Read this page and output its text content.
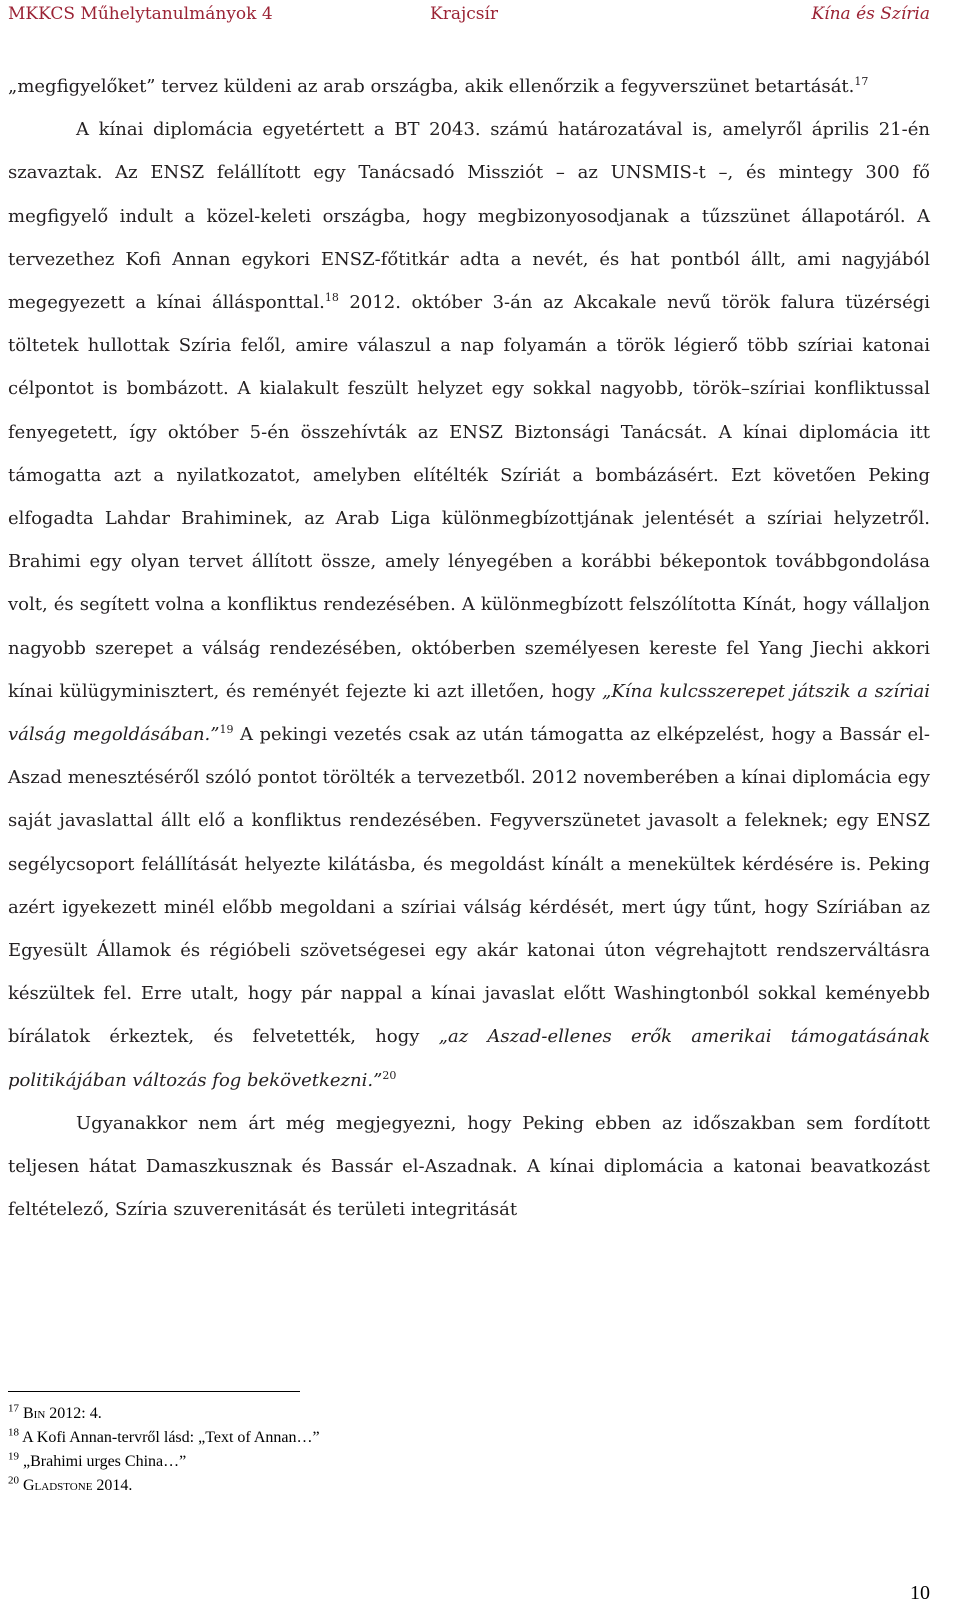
MKKCS Műhelytanulmányok 4	Krajcsír	Kína és Szíria

„megfigyelőket” tervez küldeni az arab országba, akik ellenőrzik a fegyverszünet betartását.$^{17}$

A kínai diplomácia egyetértett a BT 2043. számú határozatával is, amelyről április 21-én szavaztak. Az ENSZ felállított egy Tanácsadó Missziót – az UNSMIS-t –, és mintegy 300 fő megfigyelő indult a közel-keleti országba, hogy megbizonyosodjanak a tűzszünet állapotáról. A tervezethez Kofi Annan egykori ENSZ-főtitkár adta a nevét, és hat pontból állt, ami nagyjából megegyezett a kínai állásponttal.$^{18}$ 2012. október 3-án az Akcakale nevű török falura tüzérségi töltetek hullottak Szíria felől, amire válaszul a nap folyamán a török légierő több szíriai katonai célpontot is bombázott. A kialakult feszült helyzet egy sokkal nagyobb, török–szíriai konfliktussal fenyegetett, így október 5-én összehívták az ENSZ Biztonsági Tanácsát. A kínai diplomácia itt támogatta azt a nyilatkozatot, amelyben elítélték Szíriát a bombázásért. Ezt követően Peking elfogadta Lahdar Brahiminek, az Arab Liga különmegbízottjának jelentését a szíriai helyzetről. Brahimi egy olyan tervet állított össze, amely lényegében a korábbi békepontok továbbgondolása volt, és segített volna a konfliktus rendezésében. A különmegbízott felszólította Kínát, hogy vállaljon nagyobb szerepet a válság rendezésében, októberben személyesen kereste fel Yang Jiechi akkori kínai külügyminisztert, és reményét fejezte ki azt illetően, hogy „Kína kulcsszerepet játszik a szíriai válság megoldásában.”$^{19}$ A pekingi vezetés csak az után támogatta az elképzelést, hogy a Bassár el-Aszad menesztéséről szóló pontot törölték a tervezetből. 2012 novemberében a kínai diplomácia egy saját javaslattal állt elő a konfliktus rendezésében. Fegyverszünetet javasolt a feleknek; egy ENSZ segélycsoport felállítását helyezte kilátásba, és megoldást kínált a menekültek kérdésére is. Peking azért igyekezett minél előbb megoldani a szíriai válság kérdését, mert úgy tűnt, hogy Szíriában az Egyesült Államok és régióbeli szövetségesei egy akár katonai úton végrehajtott rendszerváltásra készültek fel. Erre utalt, hogy pár nappal a kínai javaslat előtt Washingtonból sokkal keményebb bírálatok érkeztek, és felvetették, hogy „az Aszad-ellenes erők amerikai támogatásának politikájában változás fog bekövetkezni.”$^{20}$

Ugyanakkor nem árt még megjegyezni, hogy Peking ebben az időszakban sem fordított teljesen hátat Damaszkusznak és Bassár el-Aszadnak. A kínai diplomácia a katonai beavatkozást feltételező, Szíria szuverenitását és területi integritását

$^{17}$ Bin 2012: 4.

$^{18}$ A Kofi Annan-tervről lásd: „Text of Annan…”

$^{19}$ „Brahimi urges China…”

$^{20}$ Gladstone 2014.

10
